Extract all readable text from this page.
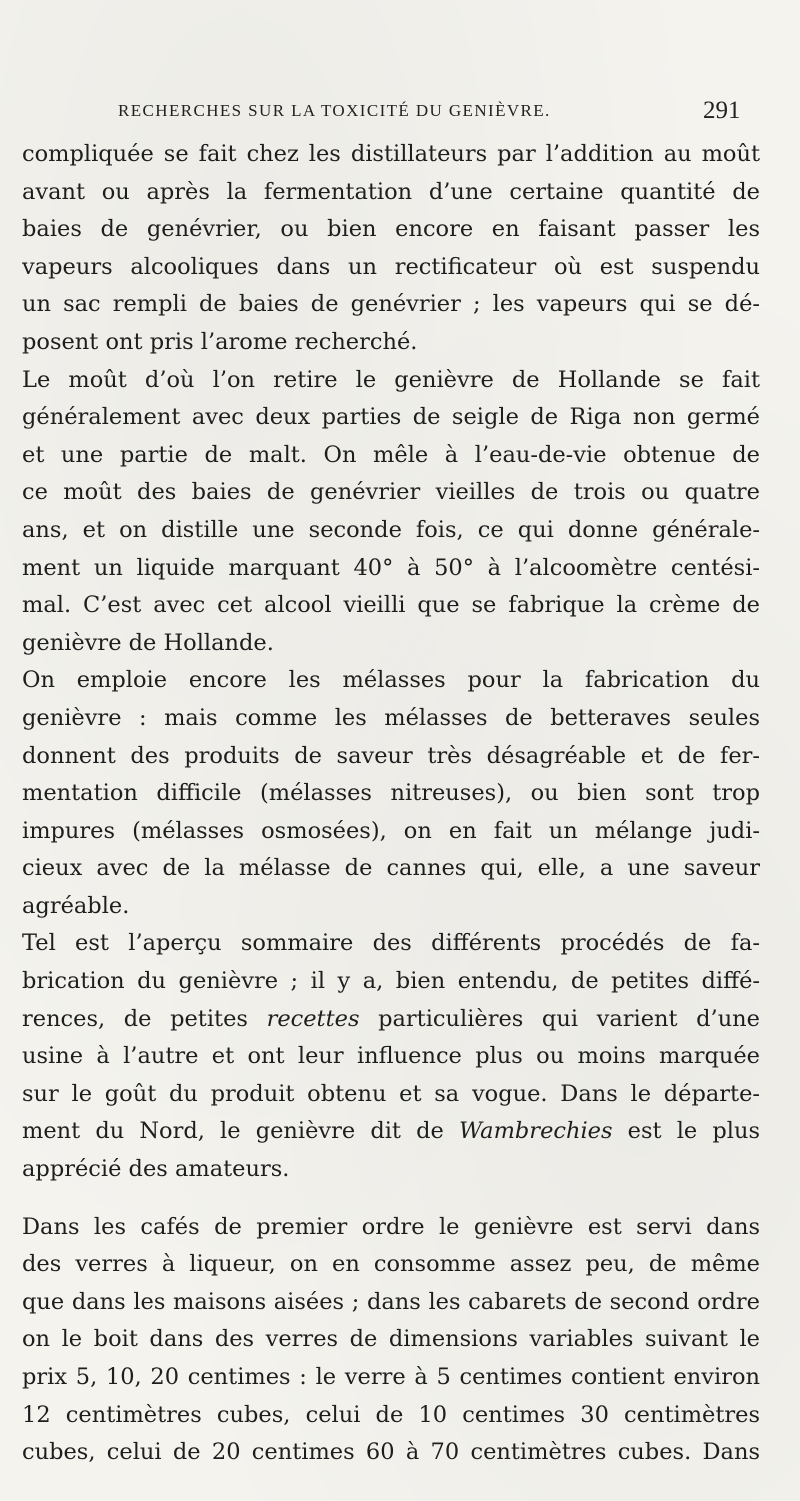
RECHERCHES SUR LA TOXICITÉ DU GENIÈVRE.	291
compliquée se fait chez les distillateurs par l’addition au moût
avant ou après la fermentation d’une certaine quantité de
baies de genévrier, ou bien encore en faisant passer les
vapeurs alcooliques dans un rectificateur où est suspendu
un sac rempli de baies de genévrier ; les vapeurs qui se dé-
posent ont pris l’arome recherché.
Le moût d’où l’on retire le genièvre de Hollande se fait
généralement avec deux parties de seigle de Riga non germé
et une partie de malt. On mêle à l’eau-de-vie obtenue de
ce moût des baies de genévrier vieilles de trois ou quatre
ans, et on distille une seconde fois, ce qui donne générale-
ment un liquide marquant 40° à 50° à l’alcoomètre centési-
mal. C’est avec cet alcool vieilli que se fabrique la crème de
genièvre de Hollande.
On emploie encore les mélasses pour la fabrication du
genièvre : mais comme les mélasses de betteraves seules
donnent des produits de saveur très désagréable et de fer-
mentation difficile (mélasses nitreuses), ou bien sont trop
impures (mélasses osmosées), on en fait un mélange judi-
cieux avec de la mélasse de cannes qui, elle, a une saveur
agréable.
Tel est l’aperçu sommaire des différents procédés de fa-
brication du genièvre ; il y a, bien entendu, de petites diffé-
rences, de petites recettes particulières qui varient d’une
usine à l’autre et ont leur influence plus ou moins marquée
sur le goût du produit obtenu et sa vogue. Dans le départe-
ment du Nord, le genièvre dit de Wambrechies est le plus
apprécié des amateurs.
Dans les cafés de premier ordre le genièvre est servi dans
des verres à liqueur, on en consomme assez peu, de même
que dans les maisons aisées ; dans les cabarets de second ordre
on le boit dans des verres de dimensions variables suivant le
prix 5, 10, 20 centimes : le verre à 5 centimes contient environ
12 centimètres cubes, celui de 10 centimes 30 centimètres
cubes, celui de 20 centimes 60 à 70 centimètres cubes. Dans
